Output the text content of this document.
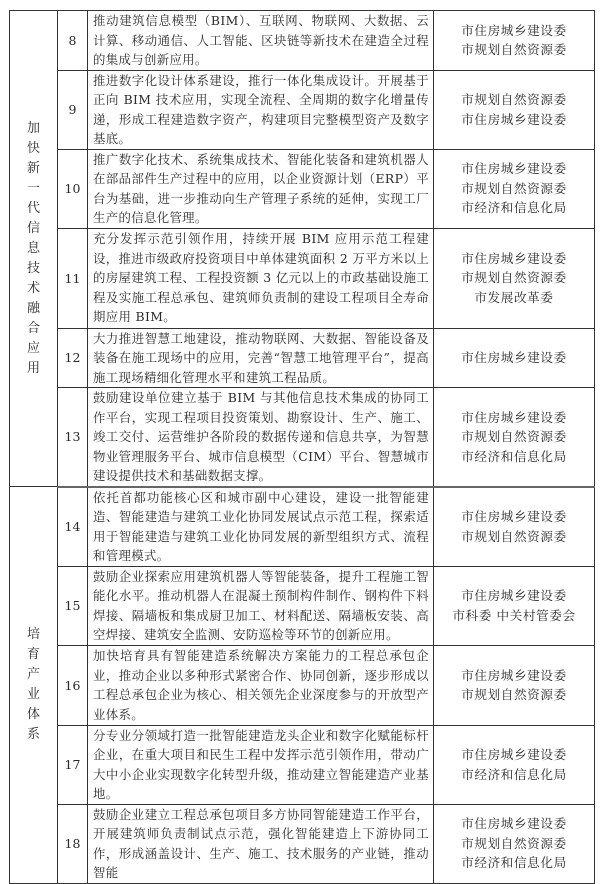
加快新一代信息技术融合应用	8	推动建筑信息模型（BIM）、互联网、物联网、大数据、云计算、移动通信、人工智能、区块链等新技术在建造全过程的集成与创新应用。	市住房城乡建设委
市规划自然资源委

	9	推进数字化设计体系建设，推行一体化集成设计。开展基于正向 BIM 技术应用，实现全流程、全周期的数字化增量传递，形成工程建造数字资产，构建项目完整模型资产及数字基底。	市规划自然资源委
市住房城乡建设委

	10	推广数字化技术、系统集成技术、智能化装备和建筑机器人在部品部件生产过程中的应用，以企业资源计划（ERP）平台为基础，进一步推动向生产管理子系统的延伸，实现工厂生产的信息化管理。	市住房城乡建设委
市规划自然资源委
市经济和信息化局

	11	充分发挥示范引领作用，持续开展 BIM 应用示范工程建设，推进市级政府投资项目中单体建筑面积 2 万平方米以上的房屋建筑工程、工程投资额 3 亿元以上的市政基础设施工程及实施工程总承包、建筑师负责制的建设工程项目全寿命期应用 BIM。	市住房城乡建设委
市规划自然资源委
市发展改革委

	12	大力推进智慧工地建设，推动物联网、大数据、智能设备及装备在施工现场中的应用，完善“智慧工地管理平台”，提高施工现场精细化管理水平和建筑工程品质。	市住房城乡建设委

	13	鼓励建设单位建立基于 BIM 与其他信息技术集成的协同工作平台，实现工程项目投资策划、勘察设计、生产、施工、竣工交付、运营维护各阶段的数据传递和信息共享，为智慧物业管理服务平台、城市信息模型（CIM）平台、智慧城市建设提供技术和基础数据支撑。	市住房城乡建设委
市规划自然资源委
市经济和信息化局

培育产业体系	14	依托首都功能核心区和城市副中心建设，建设一批智能建造、智能建造与建筑工业化协同发展试点示范工程，探索适用于智能建造与建筑工业化协同发展的新型组织方式、流程和管理模式。	市住房城乡建设委
市规划自然资源委

	15	鼓励企业探索应用建筑机器人等智能装备，提升工程施工智能化水平。推动机器人在混凝土预制构件制作、钢构件下料焊接、隔墙板和集成厨卫加工、材料配送、隔墙板安装、高空焊接、建筑安全监测、安防巡检等环节的创新应用。	市住房城乡建设委
市科委 中关村管委会

	16	加快培育具有智能建造系统解决方案能力的工程总承包企业，推动企业以多种形式紧密合作、协同创新，逐步形成以工程总承包企业为核心、相关领先企业深度参与的开放型产业体系。	市住房城乡建设委
市规划自然资源委

	17	分专业分领域打造一批智能建造龙头企业和数字化赋能标杆企业，在重大项目和民生工程中发挥示范引领作用，带动广大中小企业实现数字化转型升级，推动建立智能建造产业基地。	市住房城乡建设委
市经济和信息化局

	18	鼓励企业建立工程总承包项目多方协同智能建造工作平台，开展建筑师负责制试点示范，强化智能建造上下游协同工作，形成涵盖设计、生产、施工、技术服务的产业链，推动智能	市住房城乡建设委
市规划自然资源委
市经济和信息化局
